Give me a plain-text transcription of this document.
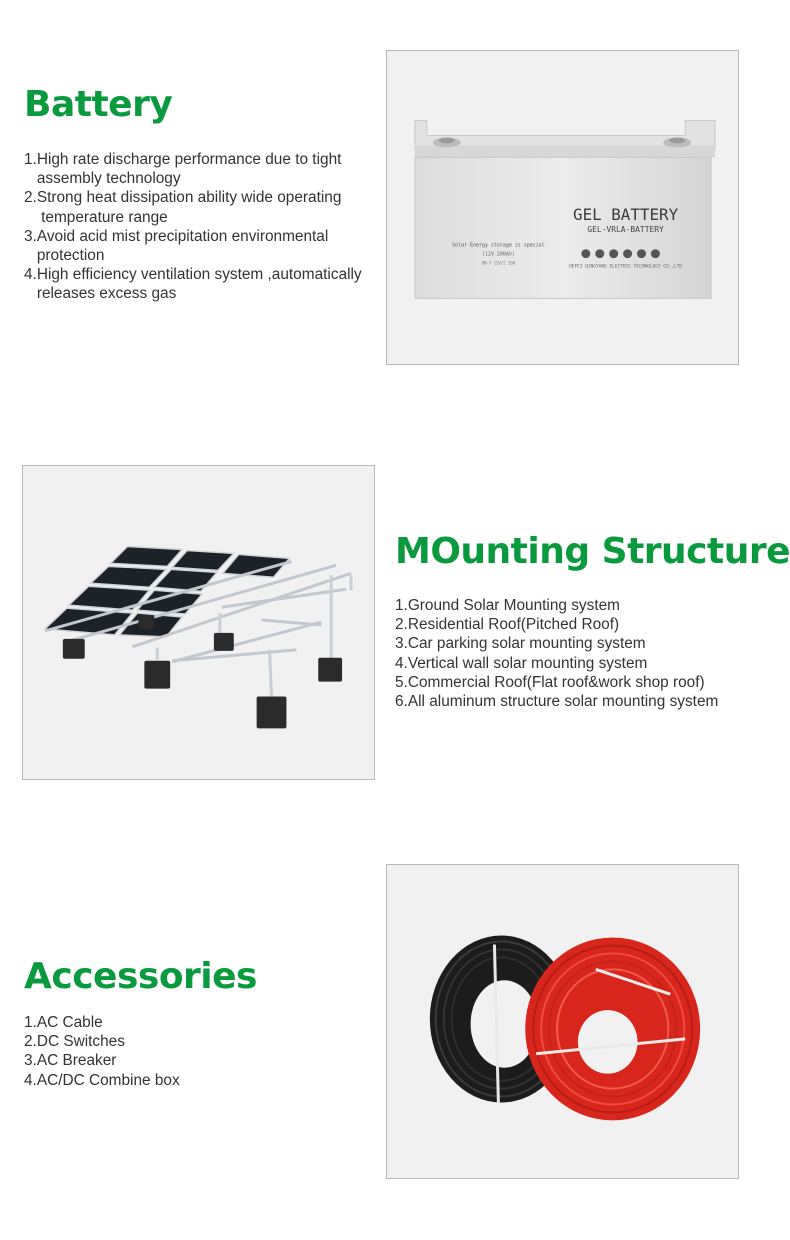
Battery
1.High rate discharge performance due to tight
assembly technology
2.Strong heat dissipation ability wide operating
temperature range
3.Avoid acid mist precipitation environmental
protection
4.High efficiency ventilation system ,automatically
releases excess gas
GEL BATTERY
GEL-VRLA-BATTERY
HEFEI QINGYANG ELECTRIC TECHNOLOGY CO.,LTD
Solar Energy storage is special
(12V 200Ah)
6M-7 12V/2 200
MOunting Structure
1.Ground Solar Mounting system
2.Residential Roof(Pitched Roof)
3.Car parking solar mounting system
4.Vertical wall solar mounting system
5.Commercial Roof(Flat roof&work shop roof)
6.All aluminum structure solar mounting system
Accessories
1.AC Cable
2.DC Switches
3.AC Breaker
4.AC/DC Combine box
